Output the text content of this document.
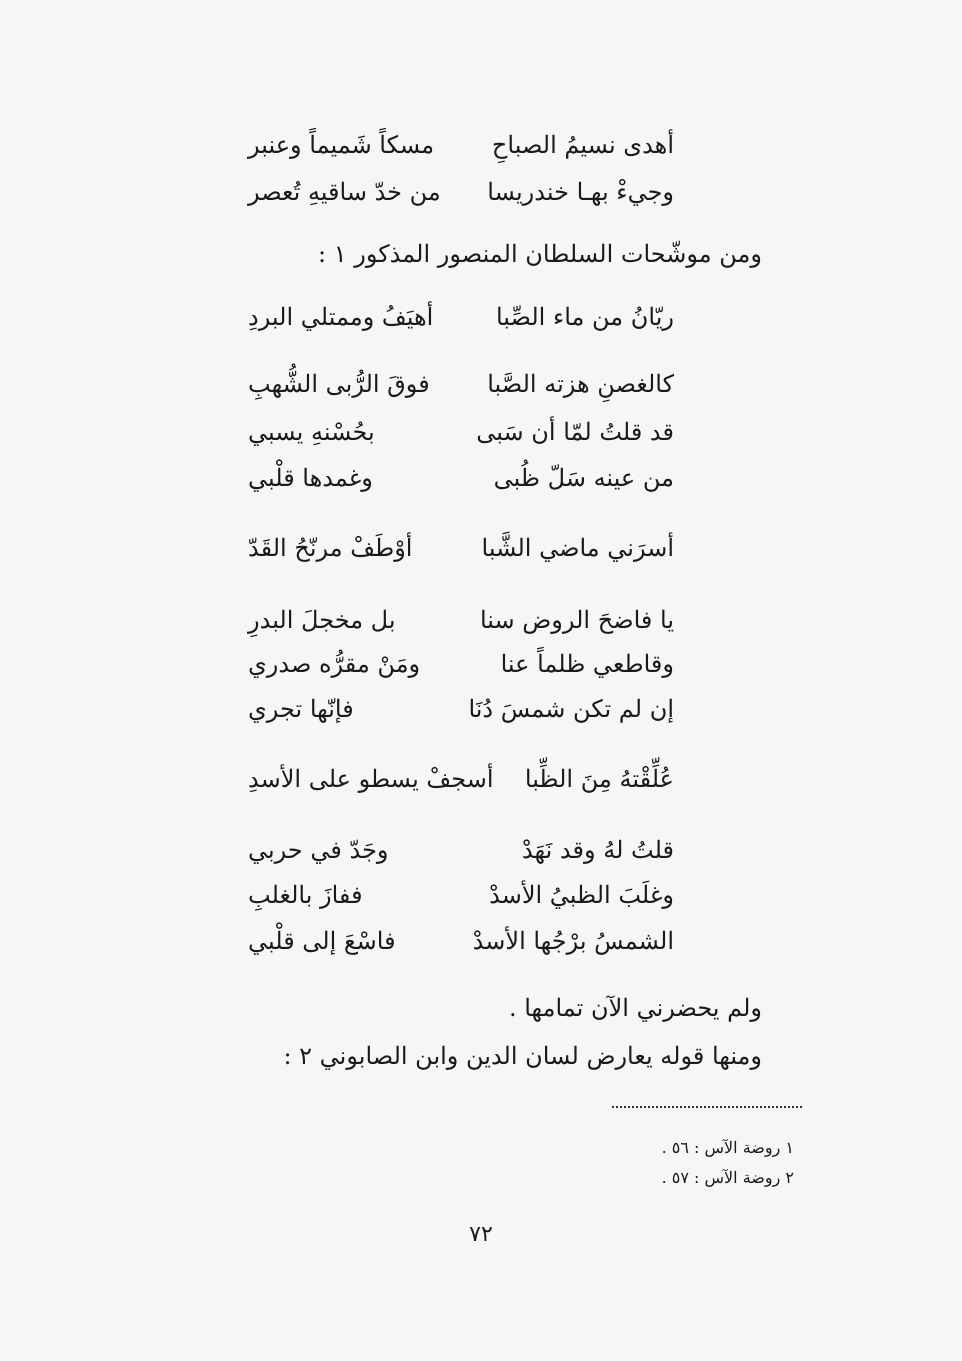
أهدى نسيمُ الصباحِ
مسكاً شَميماً وعنبر
وجيءْ بهـا خندريسا
من خدّ ساقيهِ تُعصر
ومن موشّحات السلطان المنصور المذكور ١ :
ريّانُ من ماء الصِّبا
أهيَفُ وممتلي البردِ
كالغصنِ هزته الصَّبا
فوقَ الرُّبى الشُّهبِ
قد قلتُ لمّا أن سَبى
بحُسْنهِ يسبي
من عينه سَلّ ظُبى
وغمدها قلْبي
أسرَني ماضي الشَّبا
أوْطَفْ مرنّحُ القَدّ
يا فاضحَ الروض سنا
بل مخجلَ البدرِ
وقاطعي ظلماً عنا
ومَنْ مقرُّه صدري
إن لم تكن شمسَ دُنَا
فإنّها تجري
عُلِّقْتهُ مِنَ الظِّبا
أسجفْ يسطو على الأسدِ
قلتُ لهُ وقد نَهَدْ
وجَدّ في حربي
وغلَبَ الظبيُ الأسدْ
ففازَ بالغلبِ
الشمسُ برْجُها الأسدْ
فاسْعَ إلى قلْبي
ولم يحضرني الآن تمامها .
ومنها قوله يعارض لسان الدين وابن الصابوني ٢ :
١ روضة الآس : ٥٦ .
٢ روضة الآس : ٥٧ .
٧٢
